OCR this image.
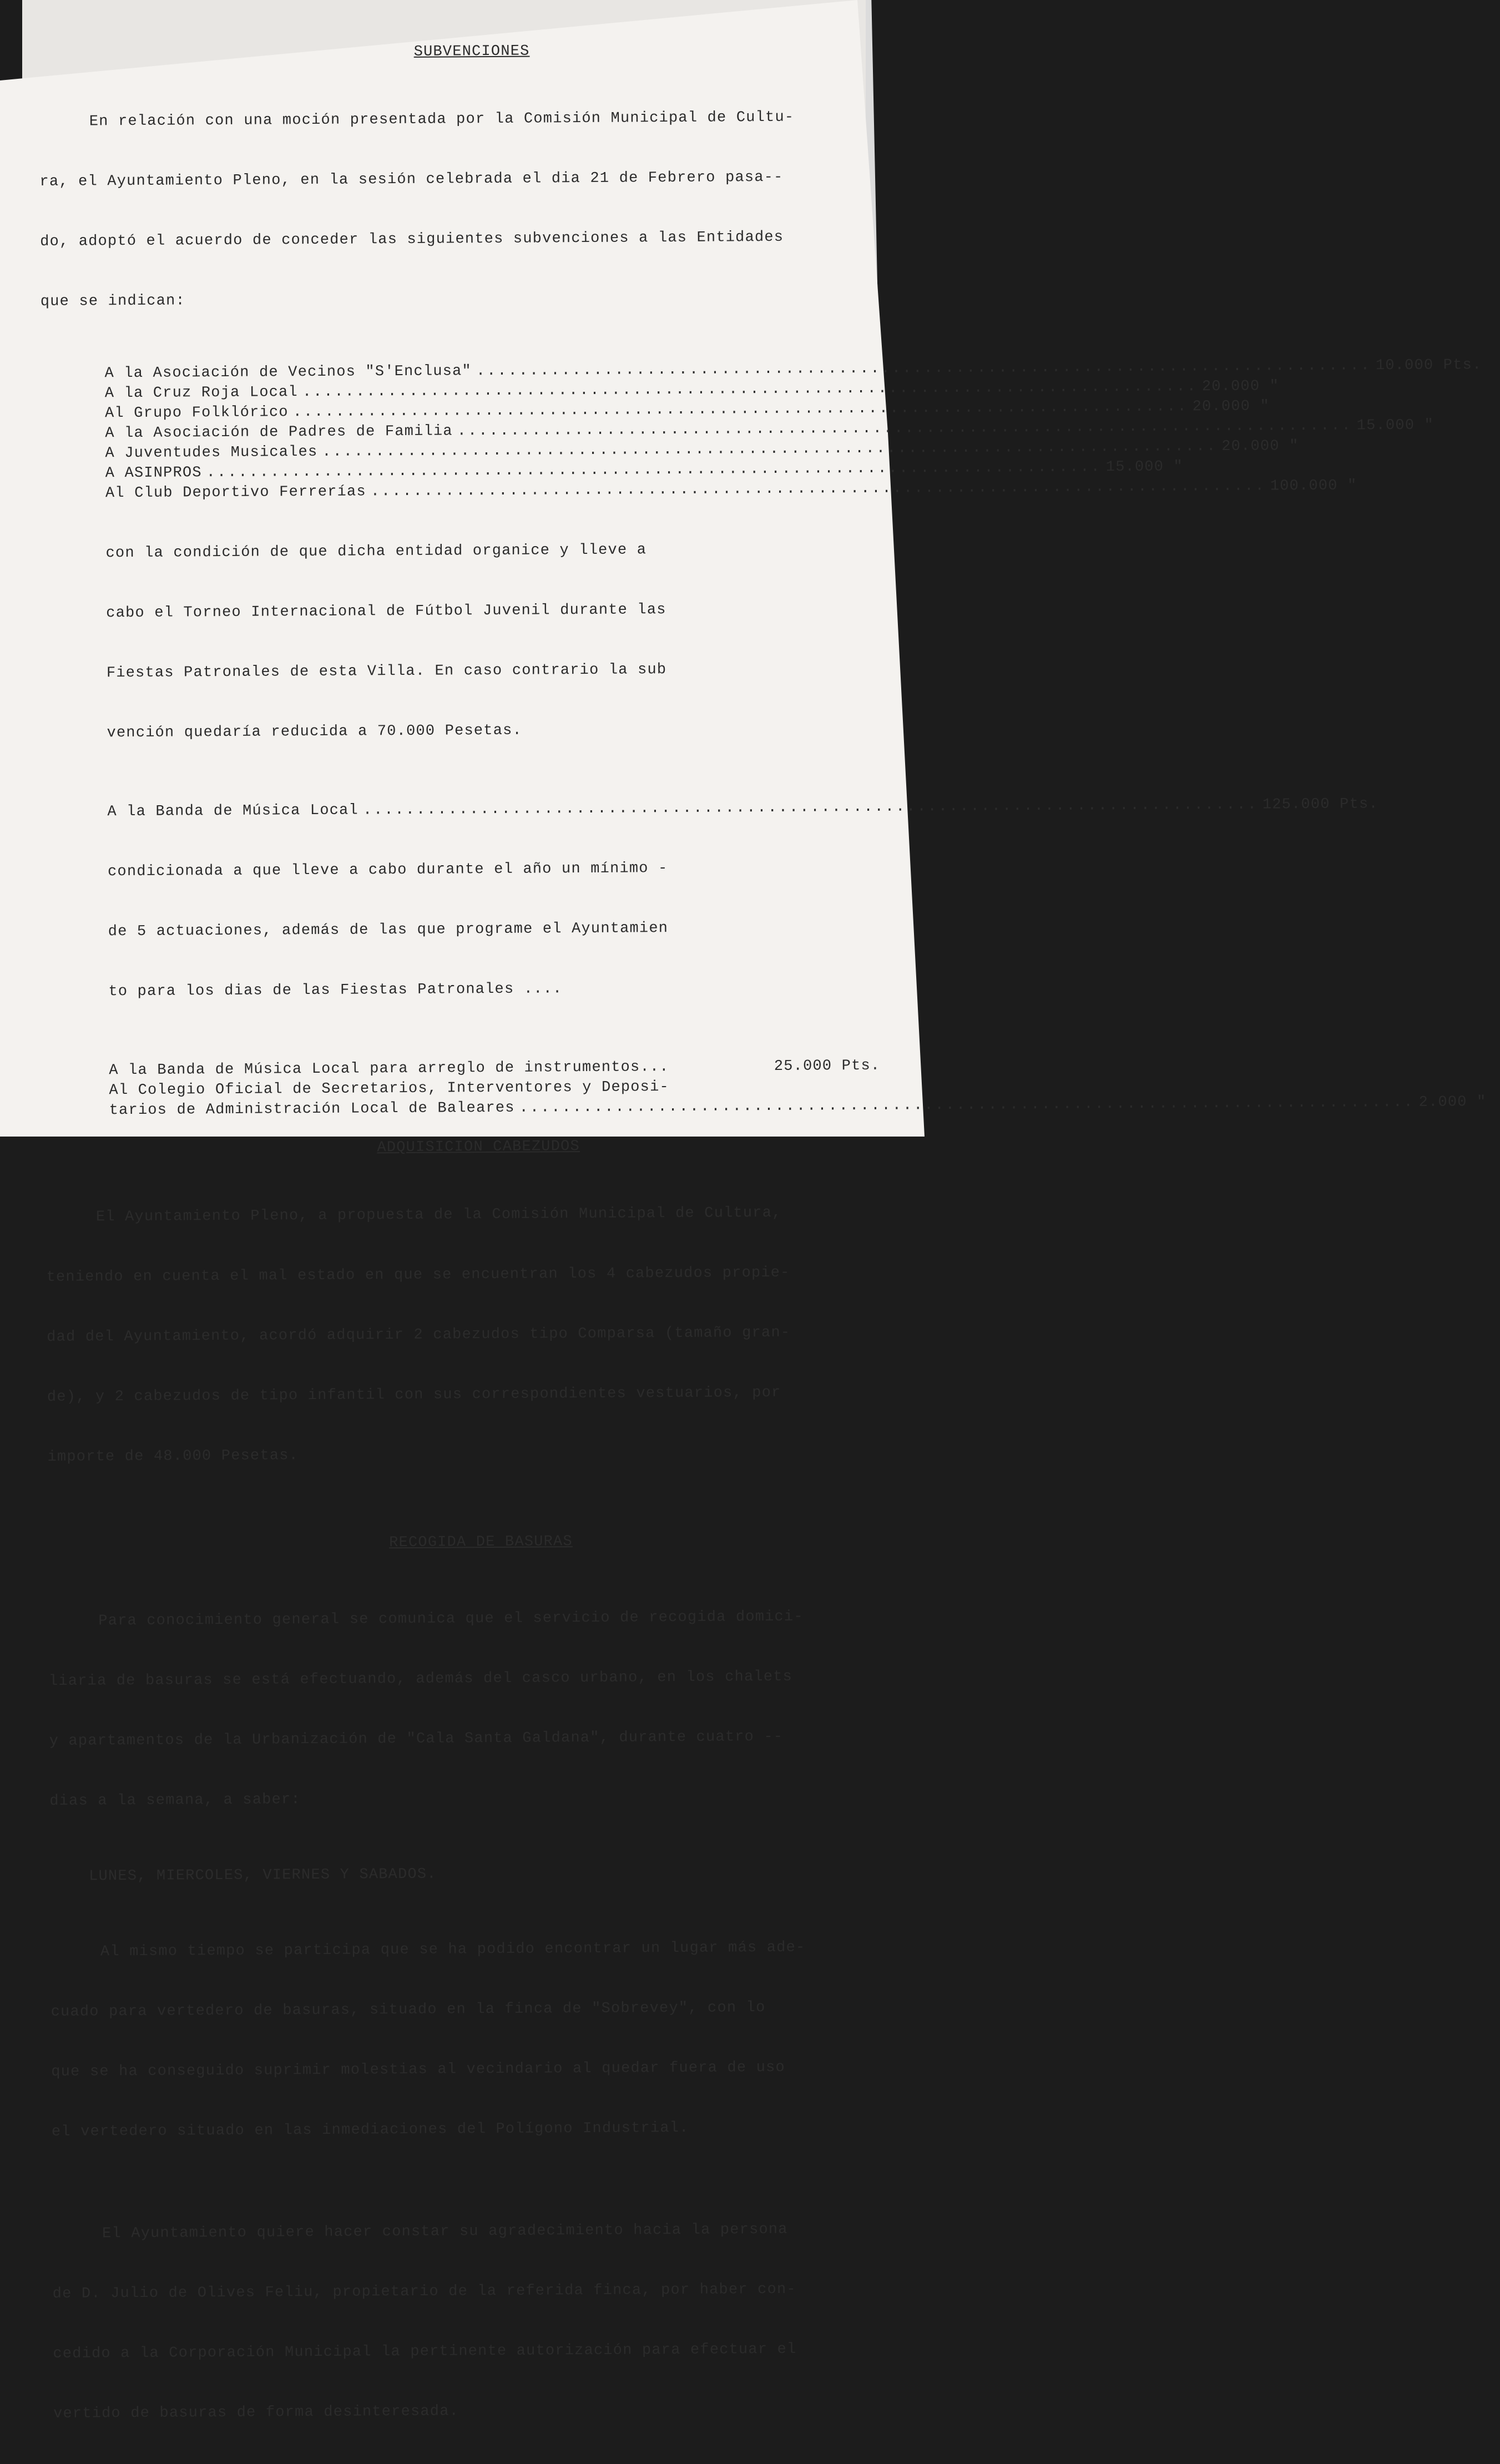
SUBVENCIONES

En relación con una moción presentada por la Comisión Municipal de Cultu-

ra, el Ayuntamiento Pleno, en la sesión celebrada el dia 21 de Febrero pasa--

do, adoptó el acuerdo de conceder las siguientes subvenciones a las Entidades

que se indican:

A la Asociación de Vecinos "S'Enclusa" .................................................................................... 10.000 Pts.
A la Cruz Roja Local .................................................................................... 20.000 "
Al Grupo Folklórico .................................................................................... 20.000 "
A la Asociación de Padres de Familia .................................................................................... 15.000 "
A Juventudes Musicales .................................................................................... 20.000 "
A ASINPROS .................................................................................... 15.000 "
Al Club Deportivo Ferrerías .................................................................................... 100.000 "

con la condición de que dicha entidad organice y lleve a

cabo el Torneo Internacional de Fútbol Juvenil durante las

Fiestas Patronales de esta Villa. En caso contrario la sub

vención quedaría reducida a 70.000 Pesetas.

A la Banda de Música Local .................................................................................... 125.000 Pts.

condicionada a que lleve a cabo durante el año un mínimo -

de 5 actuaciones, además de las que programe el Ayuntamien

to para los dias de las Fiestas Patronales ....

A la Banda de Música Local para arreglo de instrumentos...	25.000 Pts.

Al Colegio Oficial de Secretarios, Interventores y Deposi-

tarios de Administración Local de Baleares .................................................................................... 2.000 "
ADQUISICION CABEZUDOS

El Ayuntamiento Pleno, a propuesta de la Comisión Municipal de Cultura,

teniendo en cuenta el mal estado en que se encuentran los 4 cabezudos propie-

dad del Ayuntamiento, acordó adquirir 2 cabezudos tipo Comparsa (tamaño gran-

de), y 2 cabezudos de tipo infantil con sus correspondientes vestuarios, por

importe de 48.000 Pesetas.

RECOGIDA DE BASURAS

Para conocimiento general se comunica que el servicio de recogida domici-

liaria de basuras se está efectuando, además del casco urbano, en los chalets

y apartamentos de la Urbanización de "Cala Santa Galdana", durante cuatro --

dias a la semana, a saber:

LUNES, MIERCOLES, VIERNES Y SABADOS.

Al mismo tiempo se participa que se ha podido encontrar un lugar más ade-

cuado para vertedero de basuras, situado en la finca de "Sobrevey", con lo

que se ha conseguido suprimir molestias al vecindario al quedar fuera de uso

el vertedero situado en las inmediaciones del Polígono Industrial.

El Ayuntamiento quiere hacer constar su agradecimiento hacia la persona

de D. Julio de Olives Feliu, propietario de la referida finca, por haber con-

cedido a la Corporación Municipal la pertinente autorización para efectuar el

vertido de basuras de forma desinteresada.
